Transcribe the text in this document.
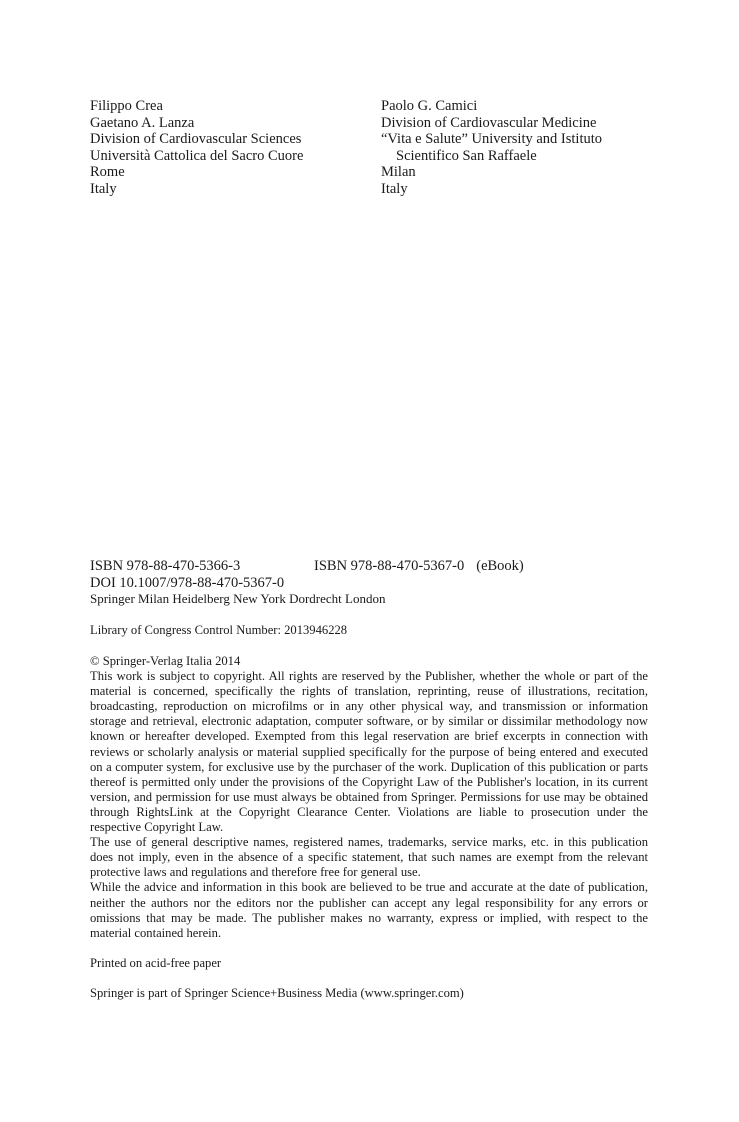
Filippo Crea
Gaetano A. Lanza
Division of Cardiovascular Sciences
Università Cattolica del Sacro Cuore
Rome
Italy
Paolo G. Camici
Division of Cardiovascular Medicine
“Vita e Salute” University and Istituto
Scientifico San Raffaele
Milan
Italy
ISBN 978-88-470-5366-3	ISBN 978-88-470-5367-0 (eBook)
DOI 10.1007/978-88-470-5367-0
Springer Milan Heidelberg New York Dordrecht London
Library of Congress Control Number: 2013946228
© Springer-Verlag Italia 2014
This work is subject to copyright. All rights are reserved by the Publisher, whether the whole or part of the material is concerned, specifically the rights of translation, reprinting, reuse of illustrations, recitation, broadcasting, reproduction on microfilms or in any other physical way, and transmission or information storage and retrieval, electronic adaptation, computer software, or by similar or dissimilar methodology now known or hereafter developed. Exempted from this legal reservation are brief excerpts in connection with reviews or scholarly analysis or material supplied specifically for the purpose of being entered and executed on a computer system, for exclusive use by the purchaser of the work. Duplication of this publication or parts thereof is permitted only under the provisions of the Copyright Law of the Publisher's location, in its current version, and permission for use must always be obtained from Springer. Permissions for use may be obtained through RightsLink at the Copyright Clearance Center. Violations are liable to prosecution under the respective Copyright Law.
The use of general descriptive names, registered names, trademarks, service marks, etc. in this publication does not imply, even in the absence of a specific statement, that such names are exempt from the relevant protective laws and regulations and therefore free for general use.
While the advice and information in this book are believed to be true and accurate at the date of publication, neither the authors nor the editors nor the publisher can accept any legal responsibility for any errors or omissions that may be made. The publisher makes no warranty, express or implied, with respect to the material contained herein.
Printed on acid-free paper
Springer is part of Springer Science+Business Media (www.springer.com)
